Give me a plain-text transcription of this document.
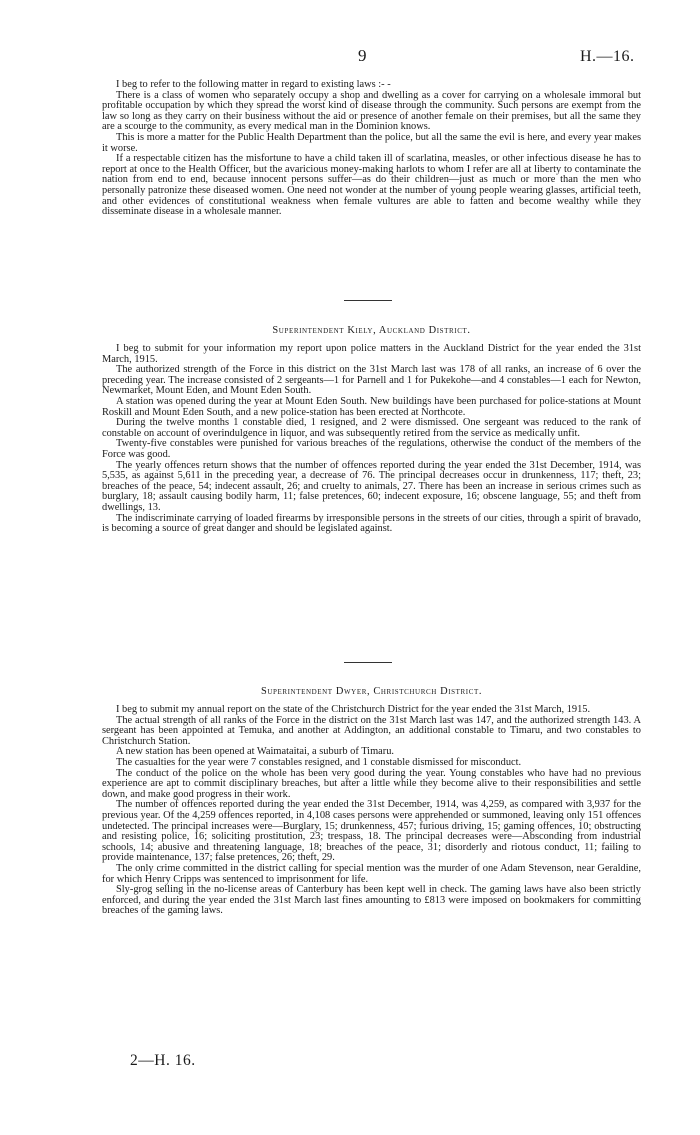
9	H.—16.

I beg to refer to the following matter in regard to existing laws :- -

There is a class of women who separately occupy a shop and dwelling as a cover for carrying on a wholesale immoral but profitable occupation by which they spread the worst kind of disease through the community. Such persons are exempt from the law so long as they carry on their business without the aid or presence of another female on their premises, but all the same they are a scourge to the community, as every medical man in the Dominion knows.

This is more a matter for the Public Health Department than the police, but all the same the evil is here, and every year makes it worse.

If a respectable citizen has the misfortune to have a child taken ill of scarlatina, measles, or other infectious disease he has to report at once to the Health Officer, but the avaricious money-making harlots to whom I refer are all at liberty to contaminate the nation from end to end, because innocent persons suffer—as do their children—just as much or more than the men who personally patronize these diseased women. One need not wonder at the number of young people wearing glasses, artificial teeth, and other evidences of constitutional weakness when female vultures are able to fatten and become wealthy while they disseminate disease in a wholesale manner.

Superintendent Kiely, Auckland District.

I beg to submit for your information my report upon police matters in the Auckland District for the year ended the 31st March, 1915.

The authorized strength of the Force in this district on the 31st March last was 178 of all ranks, an increase of 6 over the preceding year. The increase consisted of 2 sergeants—1 for Parnell and 1 for Pukekohe—and 4 constables—1 each for Newton, Newmarket, Mount Eden, and Mount Eden South.

A station was opened during the year at Mount Eden South. New buildings have been purchased for police-stations at Mount Roskill and Mount Eden South, and a new police-station has been erected at Northcote.

During the twelve months 1 constable died, 1 resigned, and 2 were dismissed. One sergeant was reduced to the rank of constable on account of overindulgence in liquor, and was subsequently retired from the service as medically unfit.

Twenty-five constables were punished for various breaches of the regulations, otherwise the conduct of the members of the Force was good.

The yearly offences return shows that the number of offences reported during the year ended the 31st December, 1914, was 5,535, as against 5,611 in the preceding year, a decrease of 76. The principal decreases occur in drunkenness, 117; theft, 23; breaches of the peace, 54; indecent assault, 26; and cruelty to animals, 27. There has been an increase in serious crimes such as burglary, 18; assault causing bodily harm, 11; false pretences, 60; indecent exposure, 16; obscene language, 55; and theft from dwellings, 13.

The indiscriminate carrying of loaded firearms by irresponsible persons in the streets of our cities, through a spirit of bravado, is becoming a source of great danger and should be legislated against.

Superintendent Dwyer, Christchurch District.

I beg to submit my annual report on the state of the Christchurch District for the year ended the 31st March, 1915.

The actual strength of all ranks of the Force in the district on the 31st March last was 147, and the authorized strength 143. A sergeant has been appointed at Temuka, and another at Addington, an additional constable to Timaru, and two constables to Christchurch Station.

A new station has been opened at Waimataitai, a suburb of Timaru.

The casualties for the year were 7 constables resigned, and 1 constable dismissed for misconduct.

The conduct of the police on the whole has been very good during the year. Young constables who have had no previous experience are apt to commit disciplinary breaches, but after a little while they become alive to their responsibilities and settle down, and make good progress in their work.

The number of offences reported during the year ended the 31st December, 1914, was 4,259, as compared with 3,937 for the previous year. Of the 4,259 offences reported, in 4,108 cases persons were apprehended or summoned, leaving only 151 offences undetected. The principal increases were—Burglary, 15; drunkenness, 457; furious driving, 15; gaming offences, 10; obstructing and resisting police, 16; soliciting prostitution, 23; trespass, 18. The principal decreases were—Absconding from industrial schools, 14; abusive and threatening language, 18; breaches of the peace, 31; disorderly and riotous conduct, 11; failing to provide maintenance, 137; false pretences, 26; theft, 29.

The only crime committed in the district calling for special mention was the murder of one Adam Stevenson, near Geraldine, for which Henry Cripps was sentenced to imprisonment for life.

Sly-grog selling in the no-license areas of Canterbury has been kept well in check. The gaming laws have also been strictly enforced, and during the year ended the 31st March last fines amounting to £813 were imposed on bookmakers for committing breaches of the gaming laws.

2—H. 16.
